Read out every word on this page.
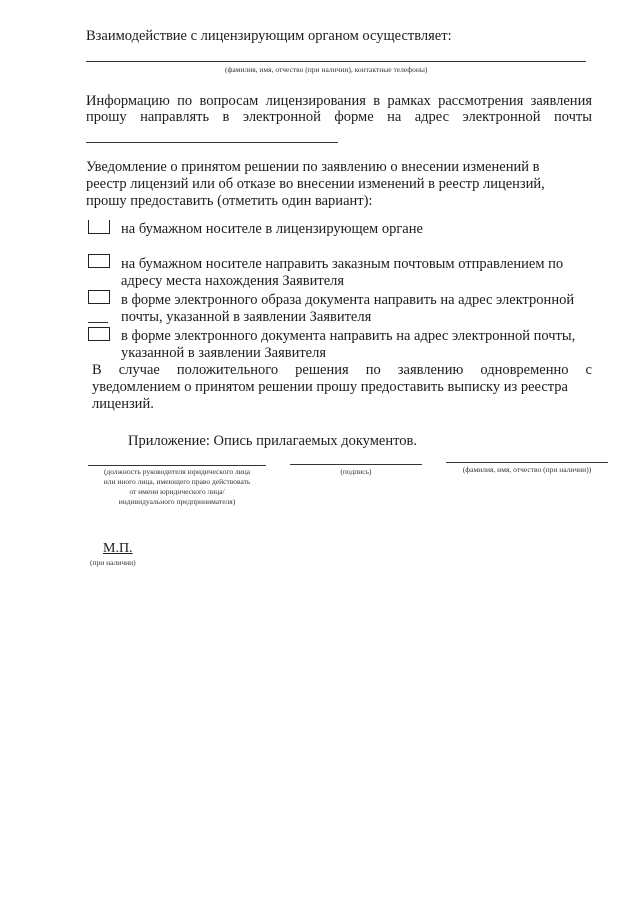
Взаимодействие с лицензирующим органом осуществляет:
(фамилия, имя, отчество (при наличии), контактные телефоны)
Информацию по вопросам лицензирования в рамках рассмотрения заявления
прошу направлять в электронной форме на адрес электронной почты
Уведомление о принятом решении по заявлению о внесении изменений в
реестр лицензий или об отказе во внесении изменений в реестр лицензий,
прошу предоставить (отметить один вариант):
на бумажном носителе в лицензирующем органе
на бумажном носителе направить заказным почтовым отправлением по
адресу места нахождения Заявителя
в форме электронного образа документа направить на адрес электронной
почты, указанной в заявлении Заявителя
в форме электронного документа направить на адрес электронной почты,
указанной в заявлении Заявителя
В случае положительного решения по заявлению одновременно с
уведомлением о принятом решении прошу предоставить выписку из реестра
лицензий.
Приложение: Опись прилагаемых документов.
(должность руководителя юридического лица
или иного лица, имеющего право действовать
от имени юридического лица/
индивидуального предпринимателя)
(подпись)	(фамилия, имя, отчество (при наличии))
М.П.
(при наличии)
